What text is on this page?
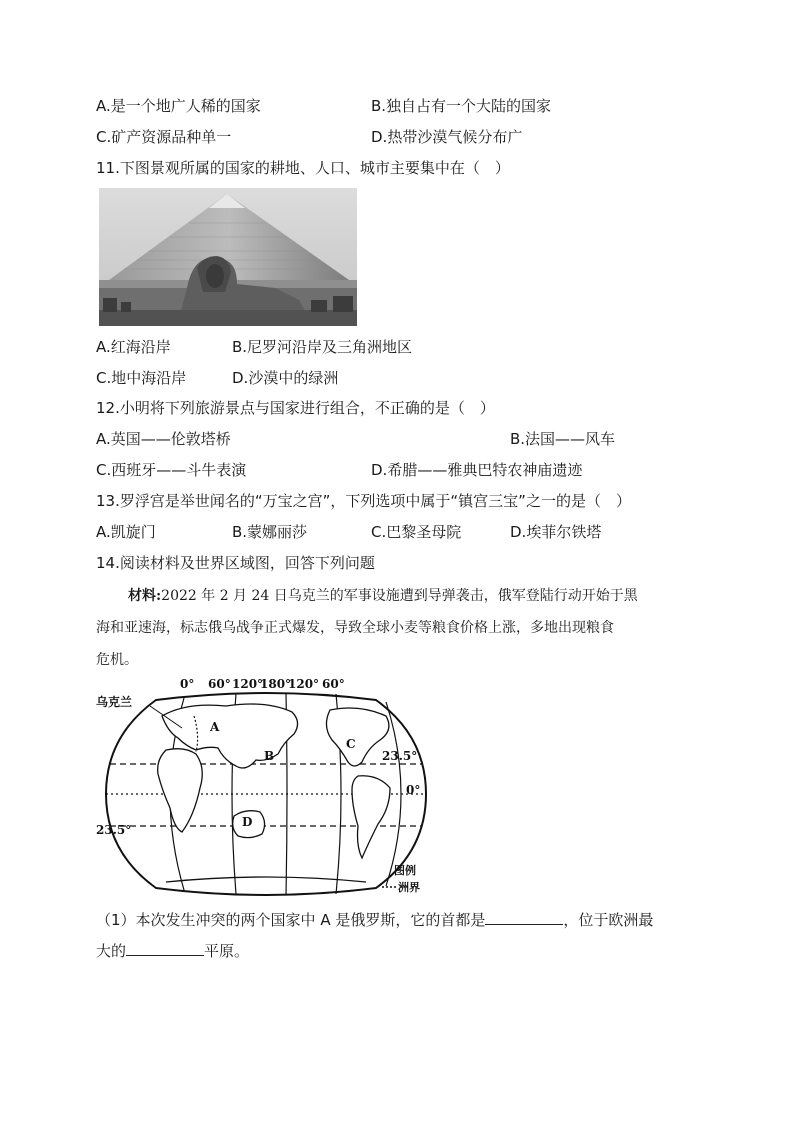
A.是一个地广人稀的国家	B.独自占有一个大陆的国家
C.矿产资源品种单一	D.热带沙漠气候分布广
11.下图景观所属的国家的耕地、人口、城市主要集中在（　）
A.红海沿岸	B.尼罗河沿岸及三角洲地区
C.地中海沿岸	D.沙漠中的绿洲
12.小明将下列旅游景点与国家进行组合，不正确的是（　）
A.英国——伦敦塔桥	B.法国——风车
C.西班牙——斗牛表演	D.希腊——雅典巴特农神庙遗迹
13.罗浮宫是举世闻名的“万宝之宫”，下列选项中属于“镇宫三宝”之一的是（　）
A.凯旋门	B.蒙娜丽莎	C.巴黎圣母院	D.埃菲尔铁塔
14.阅读材料及世界区域图，回答下列问题
材料:2022 年 2 月 24 日乌克兰的军事设施遭到导弹袭击，俄军登陆行动开始于黑
海和亚速海，标志俄乌战争正式爆发，导致全球小麦等粮食价格上涨，多地出现粮食
危机。
乌克兰
0° 60° 120°
180°
120° 60°
A
B
C
D
23.5°
0°
23.5°
图例
洲界
（1）本次发生冲突的两个国家中 A 是俄罗斯，它的首都是	，位于欧洲最
大的	平原。
